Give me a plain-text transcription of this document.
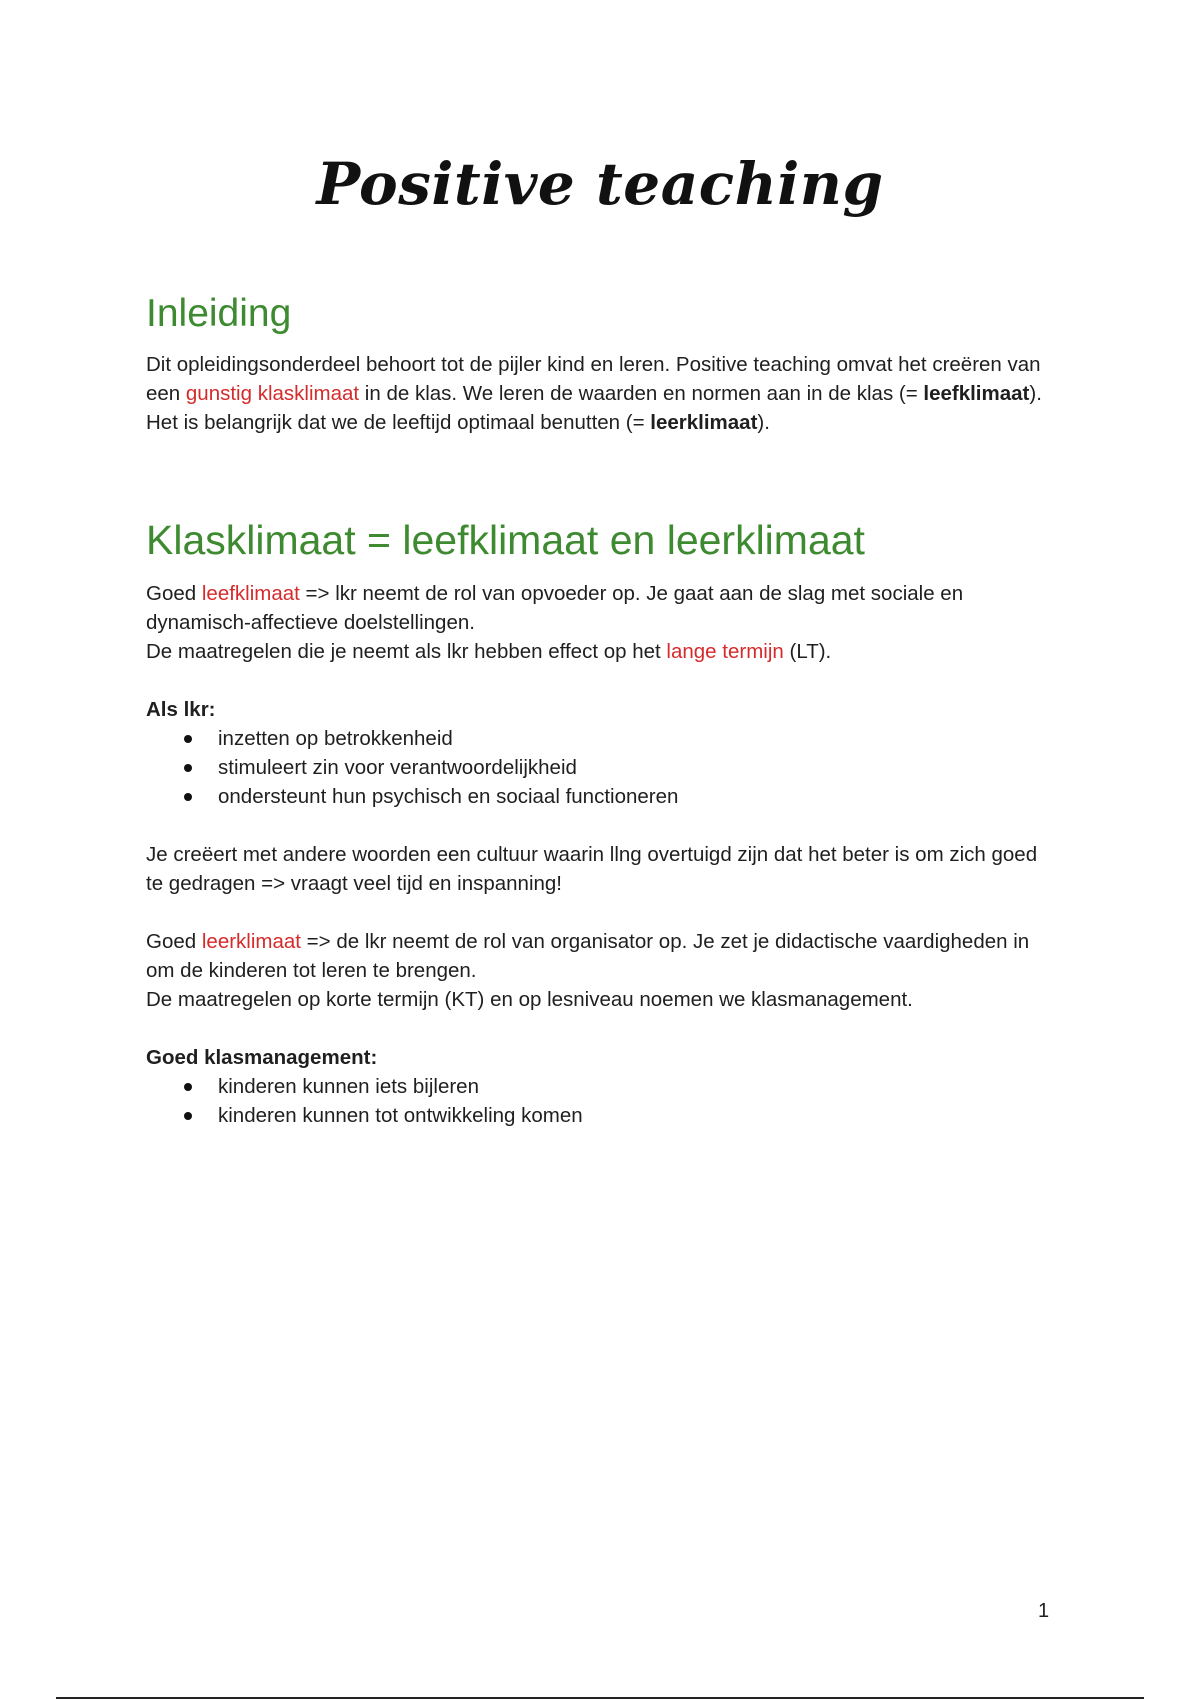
Positive teaching
Inleiding

Dit opleidingsonderdeel behoort tot de pijler kind en leren. Positive teaching omvat het creëren van een gunstig klasklimaat in de klas. We leren de waarden en normen aan in de klas (= leefklimaat). Het is belangrijk dat we de leeftijd optimaal benutten (= leerklimaat).

Klasklimaat = leefklimaat en leerklimaat

Goed leefklimaat => lkr neemt de rol van opvoeder op. Je gaat aan de slag met sociale en dynamisch-affectieve doelstellingen.

De maatregelen die je neemt als lkr hebben effect op het lange termijn (LT).

Als lkr:

inzetten op betrokkenheid
stimuleert zin voor verantwoordelijkheid
ondersteunt hun psychisch en sociaal functioneren

Je creëert met andere woorden een cultuur waarin llng overtuigd zijn dat het beter is om zich goed te gedragen => vraagt veel tijd en inspanning!

Goed leerklimaat => de lkr neemt de rol van organisator op. Je zet je didactische vaardigheden in om de kinderen tot leren te brengen.

De maatregelen op korte termijn (KT) en op lesniveau noemen we klasmanagement.

Goed klasmanagement:

kinderen kunnen iets bijleren
kinderen kunnen tot ontwikkeling komen
1
